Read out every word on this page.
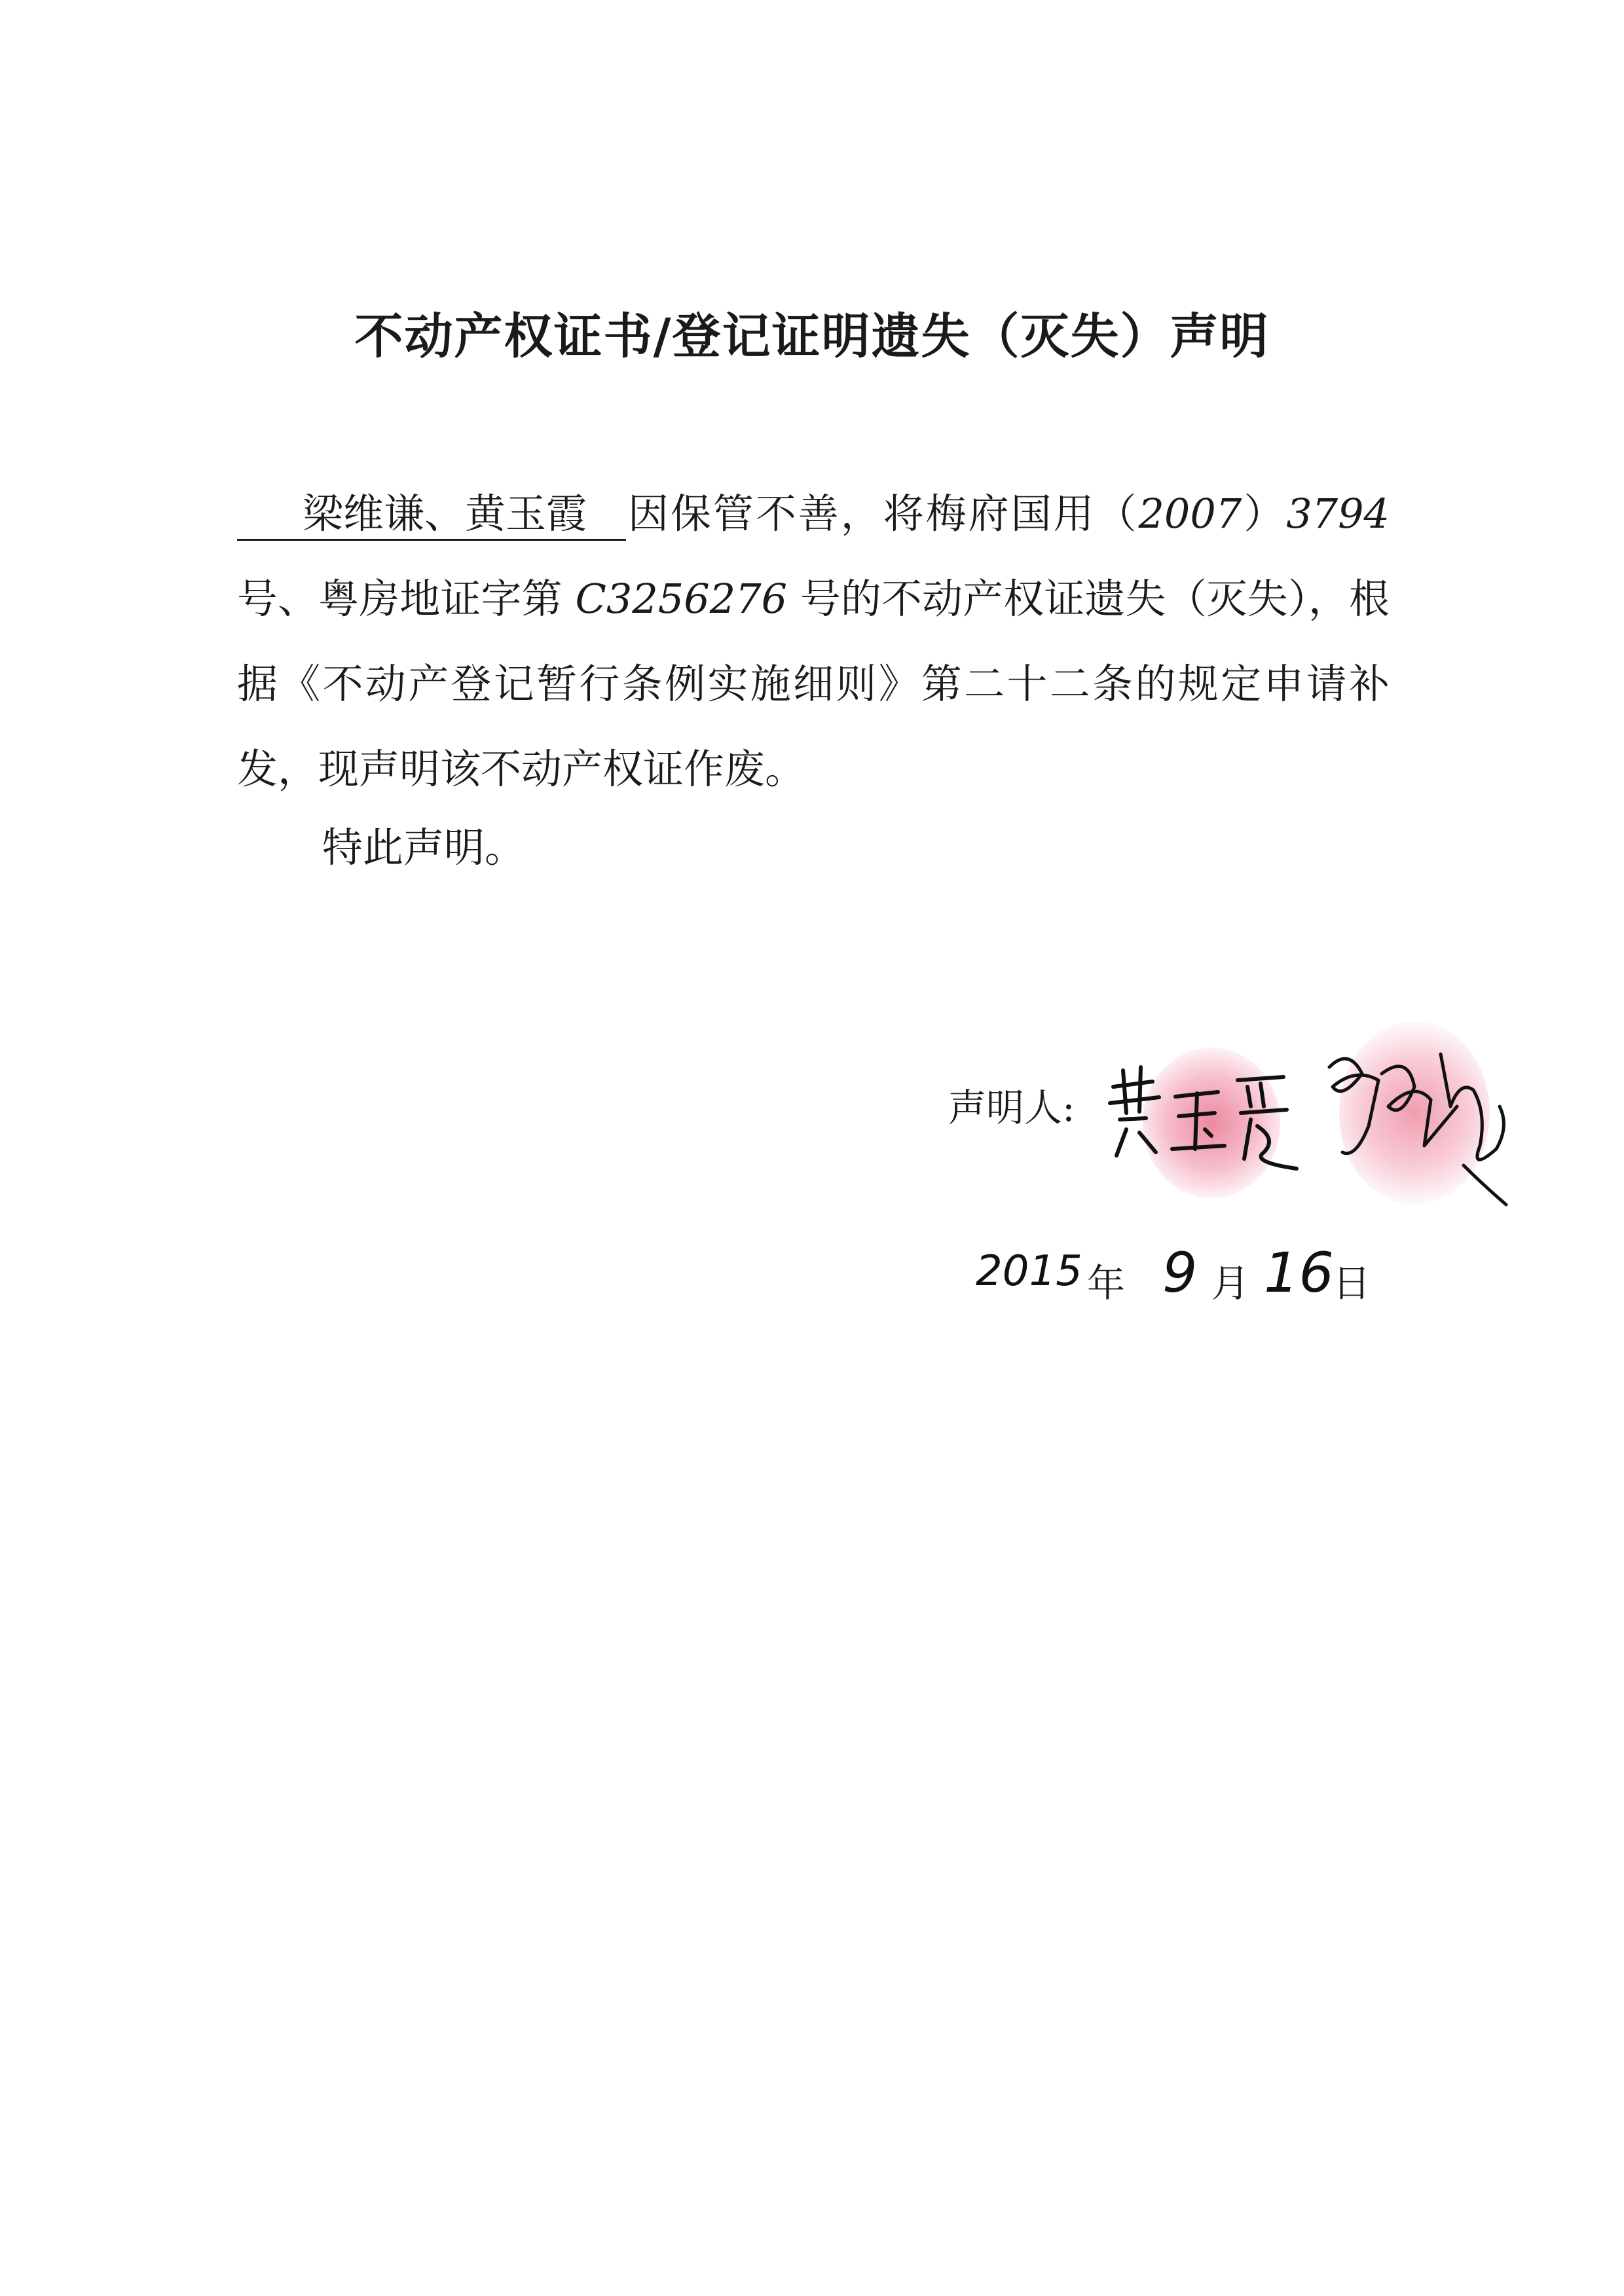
不动产权证书/登记证明遗失（灭失）声明
梁维谦、黄玉霞 因保管不善，将梅府国用（2007）3794 号、粤房地证字第 C3256276 号的不动产权证遗失（灭失），根据《不动产登记暂行条例实施细则》第二十二条的规定申请补发，现声明该不动产权证作废。
特此声明。
声明人:
2015 年 9 月 16
日
